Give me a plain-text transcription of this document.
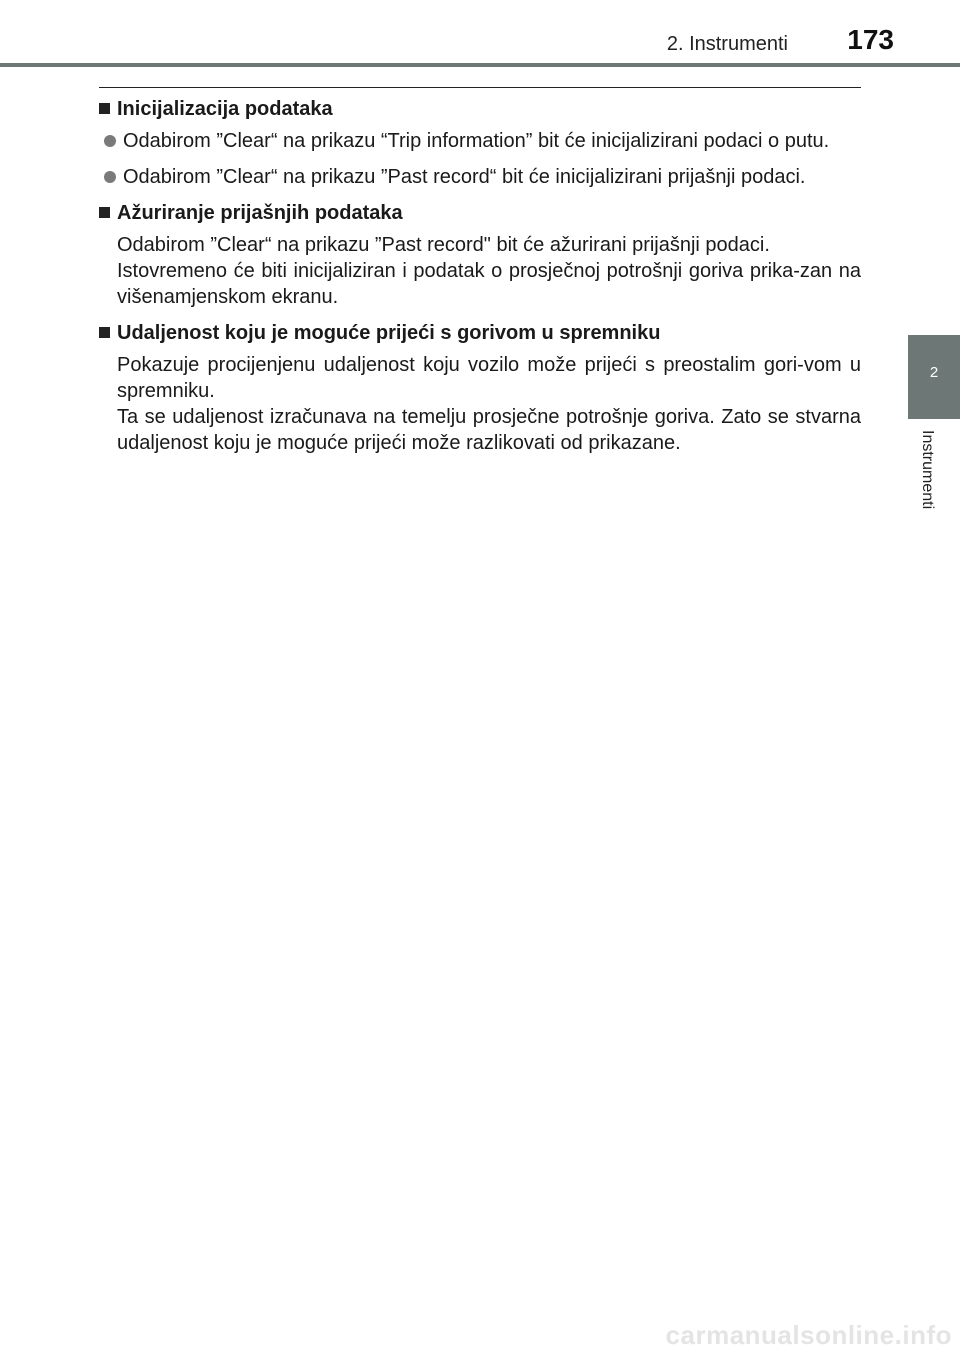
2. Instrumenti 173
2
Instrumenti
Inicijalizacija podataka
Odabirom ”Clear“ na prikazu “Trip information” bit će inicijalizirani podaci o putu.
Odabirom ”Clear“ na prikazu ”Past record“ bit će inicijalizirani prijašnji podaci.
Ažuriranje prijašnjih podataka
Odabirom ”Clear“ na prikazu ”Past record" bit će ažurirani prijašnji podaci.
Istovremeno će biti inicijaliziran i podatak o prosječnoj potrošnji goriva prika-zan na višenamjenskom ekranu.
Udaljenost koju je moguće prijeći s gorivom u spremniku
Pokazuje procijenjenu udaljenost koju vozilo može prijeći s preostalim gori-vom u spremniku.
Ta se udaljenost izračunava na temelju prosječne potrošnje goriva. Zato se stvarna udaljenost koju je moguće prijeći može razlikovati od prikazane.
carmanualsonline.info
